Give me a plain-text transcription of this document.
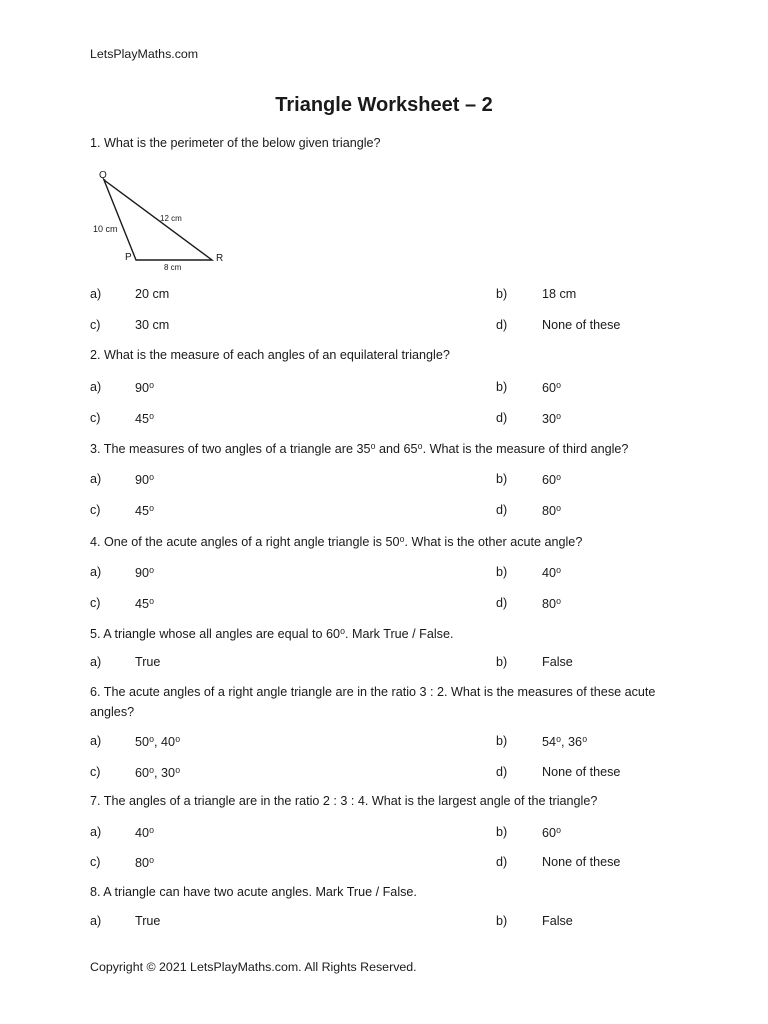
LetsPlayMaths.com
Triangle Worksheet – 2
1. What is the perimeter of the below given triangle?
Q
P	R
10 cm
12 cm
8 cm
a)	20 cm	b)	18 cm
c)	30 cm	d)	None of these
2. What is the measure of each angles of an equilateral triangle?
a)	90⁰	b)	60⁰
c)	45⁰	d)	30⁰
3. The measures of two angles of a triangle are 35⁰ and 65⁰. What is the measure of third angle?
a)	90⁰	b)	60⁰
c)	45⁰	d)	80⁰
4. One of the acute angles of a right angle triangle is 50⁰. What is the other acute angle?
a)	90⁰	b)	40⁰
c)	45⁰	d)	80⁰
5. A triangle whose all angles are equal to 60⁰. Mark True / False.
a)	True	b)	False
6. The acute angles of a right angle triangle are in the ratio 3 : 2. What is the measures of these acute angles?
a)	50⁰, 40⁰	b)	54⁰, 36⁰
c)	60⁰, 30⁰	d)	None of these
7. The angles of a triangle are in the ratio 2 : 3 : 4. What is the largest angle of the triangle?
a)	40⁰	b)	60⁰
c)	80⁰	d)	None of these
8. A triangle can have two acute angles. Mark True / False.
a)	True	b)	False
Copyright © 2021 LetsPlayMaths.com. All Rights Reserved.
